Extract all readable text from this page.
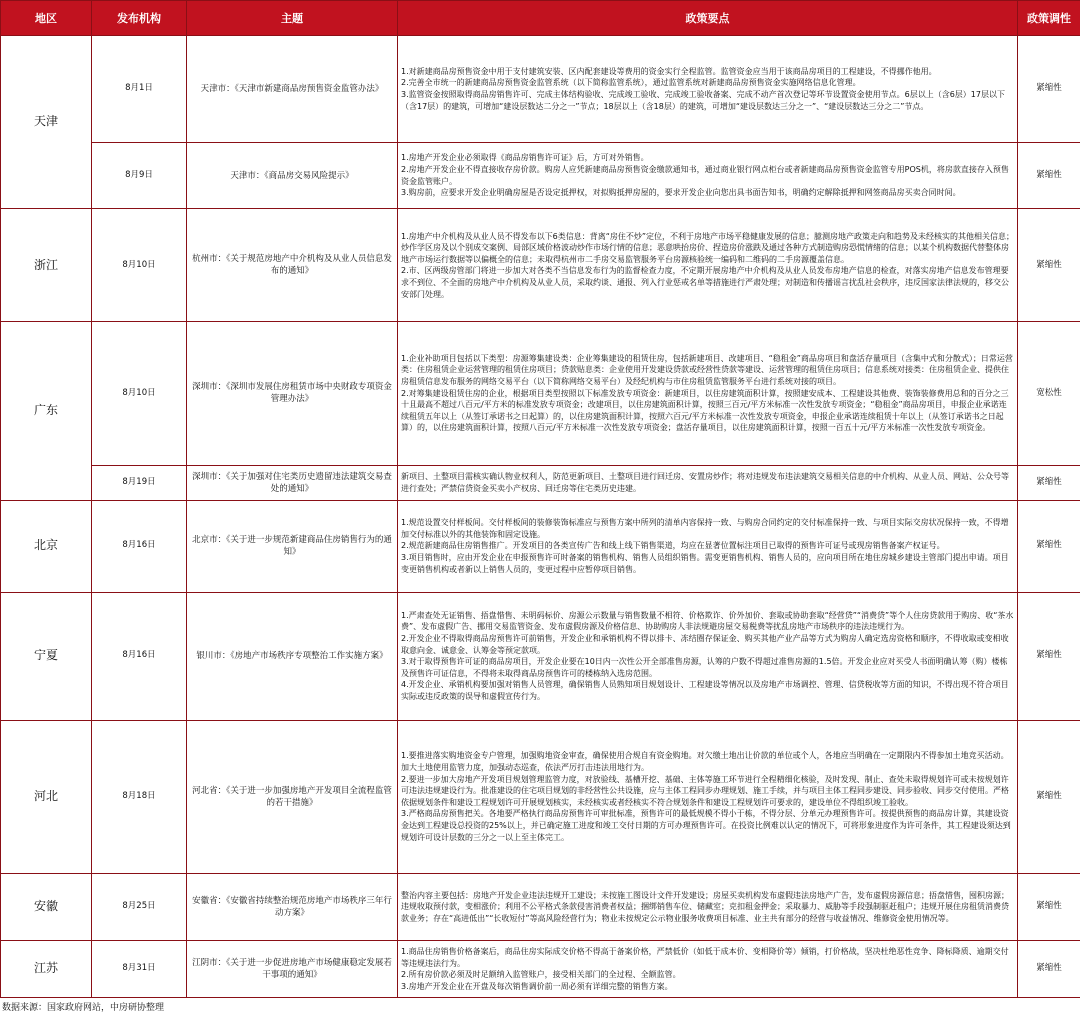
地区	发布机构	主题	政策要点	政策调性
天津	8月1日	天津市：《天津市新建商品房预售资金监管办法》	1.对新建商品房预售资金中用于支付建筑安装、区内配套建设等费用的资金实行全程监管。监管资金应当用于该商品房项目的工程建设，不得挪作他用。
2.完善全市统一的新建商品房预售资金监管系统（以下简称监管系统），通过监管系统对新建商品房预售资金实施网络信息化管理。
3.监管资金按照取得商品房销售许可、完成主体结构验收、完成竣工验收、完成竣工验收备案、完成不动产首次登记等环节设置资金使用节点。6层以上（含6层）17层以下（含17层）的建筑，可增加“建设层数达二分之一”节点；18层以上（含18层）的建筑，可增加“建设层数达三分之一”、“建设层数达三分之二”节点。	紧缩性
	8月9日	天津市：《商品房交易风险提示》	1.房地产开发企业必须取得《商品房销售许可证》后，方可对外销售。
2.房地产开发企业不得直接收存房价款。购房人应凭新建商品房预售资金缴款通知书，通过商业银行网点柜台或者新建商品房预售资金监管专用POS机，将房款直接存入预售资金监管账户。
3.购房前，应要求开发企业明确房屋是否设定抵押权，对拟购抵押房屋的，要求开发企业向您出具书面告知书，明确约定解除抵押和网签商品房买卖合同时间。	紧缩性
浙江	8月10日	杭州市：《关于规范房地产中介机构及从业人员信息发布的通知》	1.房地产中介机构及从业人员不得发布以下6类信息：背离“房住不炒”定位，不利于房地产市场平稳健康发展的信息；臆测房地产政策走向和趋势及未经核实的其他相关信息；炒作学区房及以个别成交案例、局部区域价格波动炒作市场行情的信息；恶意哄抬房价、捏造房价涨跌及通过各种方式制造购房恐慌情绪的信息；以某个机构数据代替整体房地产市场运行数据等以偏概全的信息；未取得杭州市二手房交易监管服务平台房源核验统一编码和二维码的二手房源覆盖信息。
2.市、区两级房管部门将进一步加大对各类不当信息发布行为的监督检查力度，不定期开展房地产中介机构及从业人员发布房地产信息的检查，对落实房地产信息发布管理要求不到位、不全面的房地产中介机构及从业人员，采取约谈、通报、列入行业惩戒名单等措施进行严肃处理；对制造和传播谣言扰乱社会秩序，违反国家法律法规的，移交公安部门处理。	紧缩性
广东	8月10日	深圳市：《深圳市发展住房租赁市场中央财政专项资金管理办法》	1.企业补助项目包括以下类型：房源筹集建设类：企业筹集建设的租赁住房，包括新建项目、改建项目、“稳租金”商品房项目和盘活存量项目（含集中式和分散式）；日常运营类：住房租赁企业运营管理的租赁住房项目；贷款贴息类：企业使用开发建设贷款或经营性贷款等建设、运营管理的租赁住房项目；信息系统对接类：住房租赁企业、提供住房租赁信息发布服务的网络交易平台（以下简称网络交易平台）及经纪机构与市住房租赁监管服务平台进行系统对接的项目。
2.对筹集建设租赁住房的企业，根据项目类型按照以下标准发放专项资金：新建项目，以住房建筑面积计算，按照建安成本、工程建设其他费、装饰装修费用总和的百分之三十且最高不超过八百元/平方米的标准发放专项资金；改建项目，以住房建筑面积计算，按照三百元/平方米标准一次性发放专项资金；“稳租金”商品房项目，申报企业承诺连续租赁五年以上（从签订承诺书之日起算）的，以住房建筑面积计算，按照六百元/平方米标准一次性发放专项资金，申报企业承诺连续租赁十年以上（从签订承诺书之日起算）的，以住房建筑面积计算，按照八百元/平方米标准一次性发放专项资金；盘活存量项目，以住房建筑面积计算，按照一百五十元/平方米标准一次性发放专项资金。	宽松性
	8月19日	深圳市：《关于加强对住宅类历史遗留违法建筑交易查处的通知》	新项目、土整项目需核实确认物业权利人，防范更新项目、土整项目进行回迁房、安置房炒作；将对违规发布违法建筑交易相关信息的中介机构、从业人员、网站、公众号等进行查处；严禁信贷资金买卖小产权房、回迁房等住宅类历史违建。	紧缩性
北京	8月16日	北京市：《关于进一步规范新建商品住房销售行为的通知》	1.规范设置交付样板间。交付样板间的装修装饰标准应与预售方案中所列的清单内容保持一致、与购房合同约定的交付标准保持一致、与项目实际交房状况保持一致，不得增加交付标准以外的其他装饰和固定设施。
2.规范新建商品住房销售推广。开发项目的各类宣传广告和线上线下销售渠道，均应在显著位置标注项目已取得的预售许可证号或现房销售备案产权证号。
3.项目销售时，应由开发企业在申报预售许可时备案的销售机构、销售人员组织销售。需变更销售机构、销售人员的，应向项目所在地住房城乡建设主管部门提出申请。项目变更销售机构或者新以上销售人员的，变更过程中应暂停项目销售。	紧缩性
宁夏	8月16日	银川市：《房地产市场秩序专项整治工作实施方案》	1.严肃查处无证销售、捂盘惜售、未明码标价、房源公示数量与销售数量不相符、价格欺诈、价外加价、套取或协助套取“经营贷”“消费贷”等个人住房贷款用于购房、收“茶水费”、发布虚假广告、挪用交易监管资金、发布虚假房源及价格信息、协助购房人非法规避房屋交易税费等扰乱房地产市场秩序的违法违规行为。
2.开发企业不得取得商品房预售许可前销售，开发企业和承销机构不得以排卡、冻结圈存保证金、购买其他产业产品等方式为购房人确定选房资格和顺序，不得收取或变相收取意向金、诚意金、认筹金等预定款项。
3.对于取得预售许可证的商品房项目，开发企业要在10日内一次性公开全部准售房源，认筹的户数不得超过准售房源的1.5倍。开发企业应对买受人书面明确认筹（购）楼栋及预售许可证信息，不得将未取得商品房预售许可的楼栋纳入选房范围。
4.开发企业、承销机构要加强对销售人员管理，确保销售人员熟知项目规划设计、工程建设等情况以及房地产市场调控、管理、信贷税收等方面的知识，不得出现不符合项目实际或违反政策的误导和虚假宣传行为。	紧缩性
河北	8月18日	河北省：《关于进一步加强房地产开发项目全流程监管的若干措施》	1.要推进落实购地资金专户管理，加强购地资金审查，确保使用合规自有资金购地。对欠缴土地出让价款的单位或个人，各地应当明确在一定期限内不得参加土地竞买活动。加大土地使用监管力度，加强动态巡查，依法严厉打击违法用地行为。
2.要进一步加大房地产开发项目规划管理监管力度，对放验线、基槽开挖、基础、主体等施工环节进行全程精细化核验，及时发现、制止、查处未取得规划许可或未按规划许可违法违规建设行为。批准建设的住宅项目规划的非经营性公共设施，应与主体工程同步办理规划、施工手续，并与项目主体工程同步建设、同步验收、同步交付使用。严格依据规划条件和建设工程规划许可开展规划核实，未经核实或者经核实不符合规划条件和建设工程规划许可要求的，建设单位不得组织竣工验收。
3.严格商品房预售把关。各地要严格执行商品房预售许可审批标准，预售许可的最低规模不得小于栋，不得分层、分单元办理预售许可。按提供预售的商品房计算，其建设资金达到工程建设总投资的25%以上，并已确定施工进度和竣工交付日期的方可办理预售许可。在投资比例难以认定的情况下，可将形象进度作为许可条件，其工程建设须达到规划许可设计层数的三分之一以上至主体完工。	紧缩性
安徽	8月25日	安徽省：《安徽省持续整治规范房地产市场秩序三年行动方案》	整治内容主要包括：房地产开发企业违法违规开工建设；未按施工图设计文件开发建设；房屋买卖机构发布虚假违法房地产广告，发布虚假房源信息；捂盘惜售，囤积房源；违规收取预付款，变相涨价；利用不公平格式条款侵害消费者权益；捆绑销售车位、储藏室；克扣租金押金；采取暴力、威胁等手段强制驱赶租户；违规开展住房租赁消费贷款业务；存在“高进低出”“长收短付”等高风险经营行为；物业未按规定公示物业服务收费项目标准、业主共有部分的经营与收益情况、维修资金使用情况等。	紧缩性
江苏	8月31日	江阴市：《关于进一步促进房地产市场健康稳定发展若干事项的通知》	1.商品住房销售价格备案后，商品住房实际成交价格不得高于备案价格，严禁低价（如低于成本价、变相降价等）倾销，打价格战，坚决杜绝恶性竞争、降标降质、逾期交付等违规违法行为。
2.所有房价款必须及时足额纳入监管账户，接受相关部门的全过程、全额监管。
3.房地产开发企业在开盘及每次销售调价前一周必须有详细完整的销售方案。	紧缩性
数据来源：国家政府网站，中房研协整理
